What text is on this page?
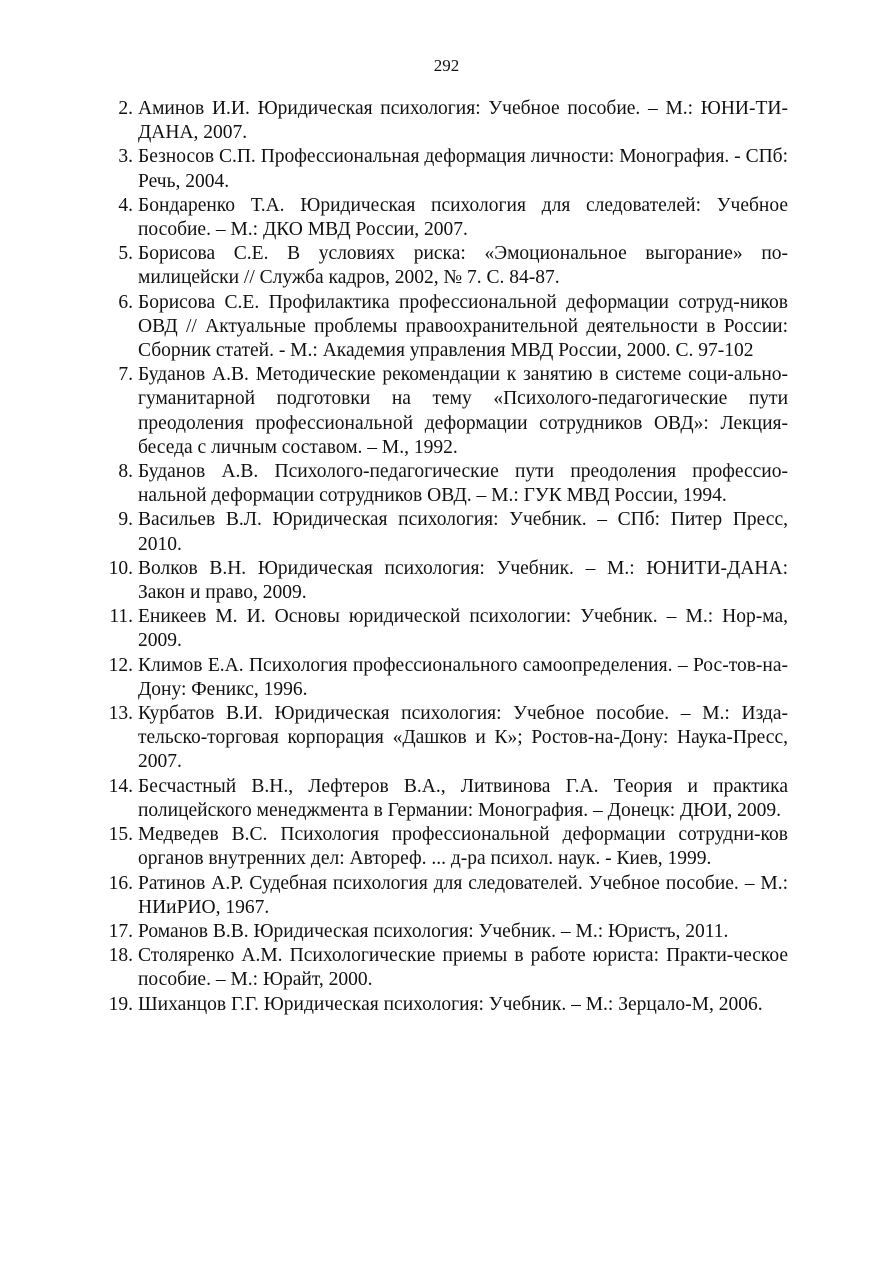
292
2. Аминов И.И. Юридическая психология: Учебное пособие. – М.: ЮНИ-ТИ-ДАНА, 2007.
3. Безносов С.П. Профессиональная деформация личности: Монография. - СПб: Речь, 2004.
4. Бондаренко Т.А. Юридическая психология для следователей: Учебное пособие. – М.: ДКО МВД России, 2007.
5. Борисова С.Е. В условиях риска: «Эмоциональное выгорание» по-милицейски // Служба кадров, 2002, № 7. С. 84-87.
6. Борисова С.Е. Профилактика профессиональной деформации сотруд-ников ОВД // Актуальные проблемы правоохранительной деятельности в России: Сборник статей. - М.: Академия управления МВД России, 2000. С. 97-102
7. Буданов А.В. Методические рекомендации к занятию в системе соци-ально-гуманитарной подготовки на тему «Психолого-педагогические пути преодоления профессиональной деформации сотрудников ОВД»: Лекция-беседа с личным составом. – М., 1992.
8. Буданов А.В. Психолого-педагогические пути преодоления профессио-нальной деформации сотрудников ОВД. – М.: ГУК МВД России, 1994.
9. Васильев В.Л. Юридическая психология: Учебник. – СПб: Питер Пресс, 2010.
10. Волков В.Н. Юридическая психология: Учебник. – М.: ЮНИТИ-ДАНА: Закон и право, 2009.
11. Еникеев М. И. Основы юридической психологии: Учебник. – М.: Нор-ма, 2009.
12. Климов Е.А. Психология профессионального самоопределения. – Рос-тов-на-Дону: Феникс, 1996.
13. Курбатов В.И. Юридическая психология: Учебное пособие. – М.: Изда-тельско-торговая корпорация «Дашков и К»; Ростов-на-Дону: Наука-Пресс, 2007.
14. Бесчастный В.Н., Лефтеров В.А., Литвинова Г.А. Теория и практика полицейского менеджмента в Германии: Монография. – Донецк: ДЮИ, 2009.
15. Медведев В.С. Психология профессиональной деформации сотрудни-ков органов внутренних дел: Автореф. ... д-ра психол. наук. - Киев, 1999.
16. Ратинов А.Р. Судебная психология для следователей. Учебное пособие. – М.: НИиРИО, 1967.
17. Романов В.В. Юридическая психология: Учебник. – М.: Юристъ, 2011.
18. Столяренко А.М. Психологические приемы в работе юриста: Практи-ческое пособие. – М.: Юрайт, 2000.
19. Шиханцов Г.Г. Юридическая психология: Учебник. – М.: Зерцало-М, 2006.
